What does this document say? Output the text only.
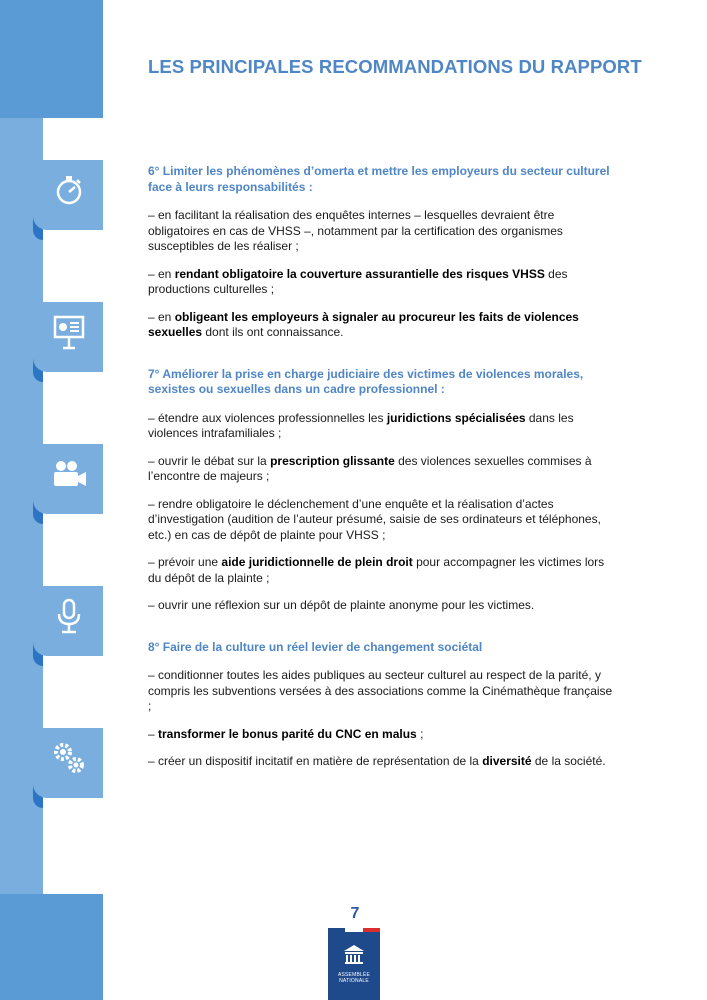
LES PRINCIPALES RECOMMANDATIONS DU RAPPORT
6° Limiter les phénomènes d’omerta et mettre les employeurs du secteur culturel face à leurs responsabilités :
– en facilitant la réalisation des enquêtes internes – lesquelles devraient être obligatoires en cas de VHSS –, notamment par la certification des organismes susceptibles de les réaliser ;
– en rendant obligatoire la couverture assurantielle des risques VHSS des productions culturelles ;
– en obligeant les employeurs à signaler au procureur les faits de violences sexuelles dont ils ont connaissance.
7° Améliorer la prise en charge judiciaire des victimes de violences morales, sexistes ou sexuelles dans un cadre professionnel :
– étendre aux violences professionnelles les juridictions spécialisées dans les violences intrafamiliales ;
– ouvrir le débat sur la prescription glissante des violences sexuelles commises à l’encontre de majeurs ;
– rendre obligatoire le déclenchement d’une enquête et la réalisation d’actes d’investigation (audition de l’auteur présumé, saisie de ses ordinateurs et téléphones, etc.) en cas de dépôt de plainte pour VHSS ;
– prévoir une aide juridictionnelle de plein droit pour accompagner les victimes lors du dépôt de la plainte ;
– ouvrir une réflexion sur un dépôt de plainte anonyme pour les victimes.
8° Faire de la culture un réel levier de changement sociétal
– conditionner toutes les aides publiques au secteur culturel au respect de la parité, y compris les subventions versées à des associations comme la Cinémathèque française ;
– transformer le bonus parité du CNC en malus ;
– créer un dispositif incitatif en matière de représentation de la diversité de la société.
7
ASSEMBLÉE
NATIONALE
